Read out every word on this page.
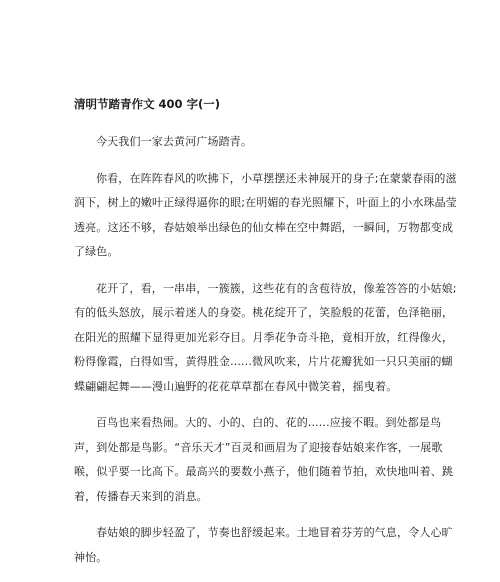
清明节踏青作文 400 字(一)
今天我们一家去黄河广场踏青。
你看，在阵阵春风的吹拂下，小草摆摆还未神展开的身子;在蒙蒙春雨的滋
润下，树上的嫩叶正绿得逼你的眼;在明媚的春光照耀下，叶面上的小水珠晶莹
透亮。这还不够，春姑娘举出绿色的仙女棒在空中舞蹈，一瞬间，万物都变成
了绿色。
花开了，看，一串串，一簇簇，这些花有的含苞待放，像羞答答的小姑娘;
有的低头怒放，展示着迷人的身姿。桃花绽开了，笑脸般的花蕾，色泽艳丽，
在阳光的照耀下显得更加光彩夺目。月季花争奇斗艳，竟相开放，红得像火，
粉得像霞，白得如雪，黄得胜金......微风吹来，片片花瓣犹如一只只美丽的蝴
蝶翩翩起舞——漫山遍野的花花草草都在春风中微笑着，摇曳着。
百鸟也来看热闹。大的、小的、白的、花的......应接不暇。到处都是鸟
声，到处都是鸟影。“音乐天才”百灵和画眉为了迎接春姑娘来作客，一展歌
喉，似乎要一比高下。最高兴的要数小燕子，他们随着节拍，欢快地叫着、跳
着，传播春天来到的消息。
春姑娘的脚步轻盈了，节奏也舒缓起来。土地冒着芬芳的气息，令人心旷
神怡。
